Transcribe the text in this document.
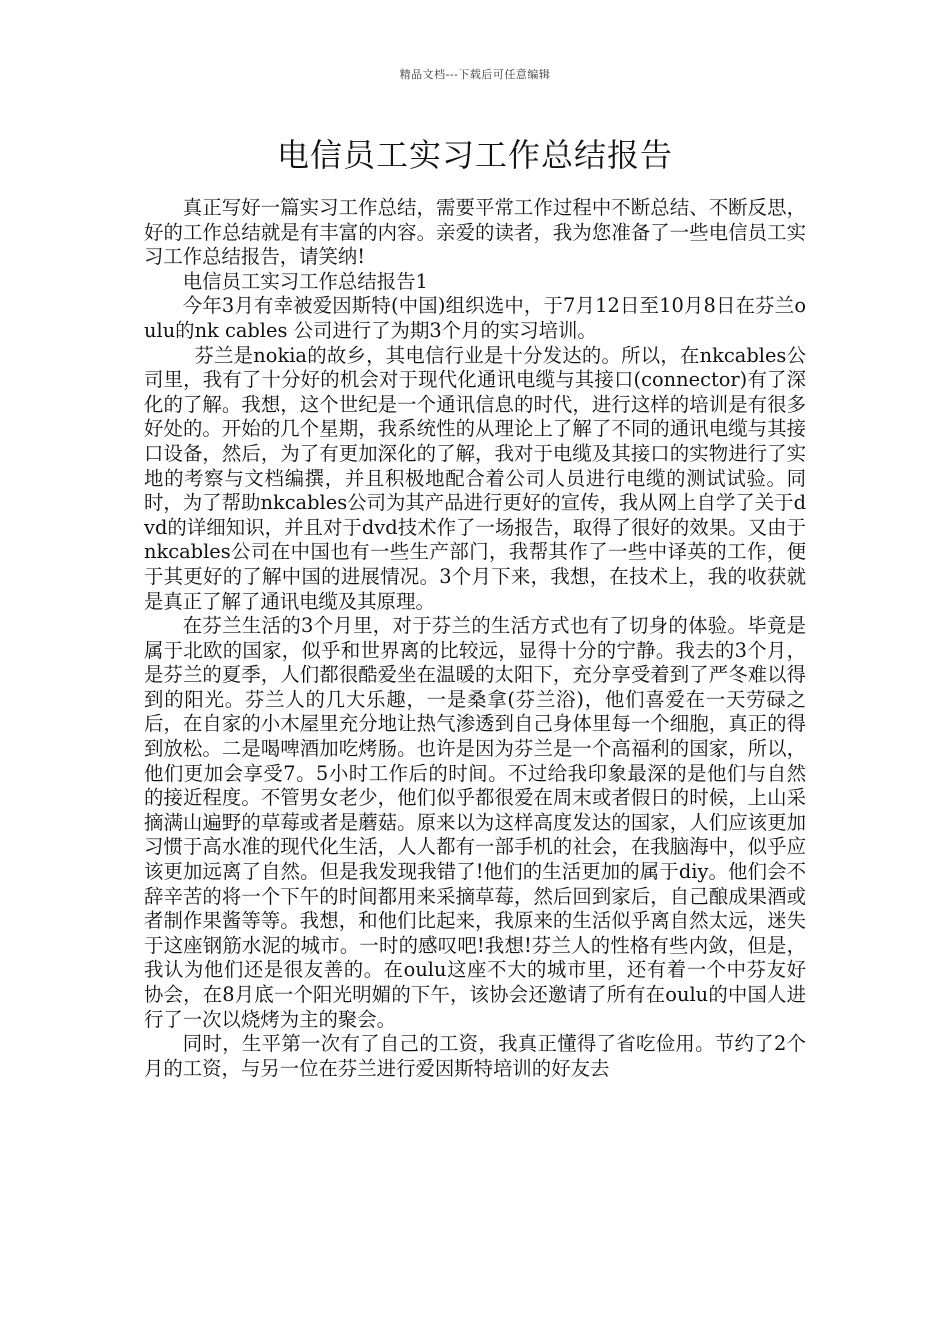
精品文档---下载后可任意编辑
电信员工实习工作总结报告

真正写好一篇实习工作总结，需要平常工作过程中不断总结、不断反思，好的工作总结就是有丰富的内容。亲爱的读者，我为您准备了一些电信员工实习工作总结报告，请笑纳!

电信员工实习工作总结报告1

今年3月有幸被爱因斯特(中国)组织选中，于7月12日至10月8日在芬兰oulu的nk cables 公司进行了为期3个月的实习培训。

芬兰是nokia的故乡，其电信行业是十分发达的。所以，在nkcables公司里，我有了十分好的机会对于现代化通讯电缆与其接口(connector)有了深化的了解。我想，这个世纪是一个通讯信息的时代，进行这样的培训是有很多好处的。开始的几个星期，我系统性的从理论上了解了不同的通讯电缆与其接口设备，然后，为了有更加深化的了解，我对于电缆及其接口的实物进行了实地的考察与文档编撰，并且积极地配合着公司人员进行电缆的测试试验。同时，为了帮助nkcables公司为其产品进行更好的宣传，我从网上自学了关于dvd的详细知识，并且对于dvd技术作了一场报告，取得了很好的效果。又由于nkcables公司在中国也有一些生产部门，我帮其作了一些中译英的工作，便于其更好的了解中国的进展情况。3个月下来，我想，在技术上，我的收获就是真正了解了通讯电缆及其原理。

在芬兰生活的3个月里，对于芬兰的生活方式也有了切身的体验。毕竟是属于北欧的国家，似乎和世界离的比较远，显得十分的宁静。我去的3个月，是芬兰的夏季，人们都很酷爱坐在温暖的太阳下，充分享受着到了严冬难以得到的阳光。芬兰人的几大乐趣，一是桑拿(芬兰浴)，他们喜爱在一天劳碌之后，在自家的小木屋里充分地让热气渗透到自己身体里每一个细胞，真正的得到放松。二是喝啤酒加吃烤肠。也许是因为芬兰是一个高福利的国家，所以，他们更加会享受7。5小时工作后的时间。不过给我印象最深的是他们与自然的接近程度。不管男女老少，他们似乎都很爱在周末或者假日的时候，上山采摘满山遍野的草莓或者是蘑菇。原来以为这样高度发达的国家，人们应该更加习惯于高水准的现代化生活，人人都有一部手机的社会，在我脑海中，似乎应该更加远离了自然。但是我发现我错了!他们的生活更加的属于diy。他们会不辞辛苦的将一个下午的时间都用来采摘草莓，然后回到家后，自己酿成果酒或者制作果酱等等。我想，和他们比起来，我原来的生活似乎离自然太远，迷失于这座钢筋水泥的城市。一时的感叹吧!我想!芬兰人的性格有些内敛，但是，我认为他们还是很友善的。在oulu这座不大的城市里，还有着一个中芬友好协会，在8月底一个阳光明媚的下午，该协会还邀请了所有在oulu的中国人进行了一次以烧烤为主的聚会。

同时，生平第一次有了自己的工资，我真正懂得了省吃俭用。节约了2个月的工资，与另一位在芬兰进行爱因斯特培训的好友去
